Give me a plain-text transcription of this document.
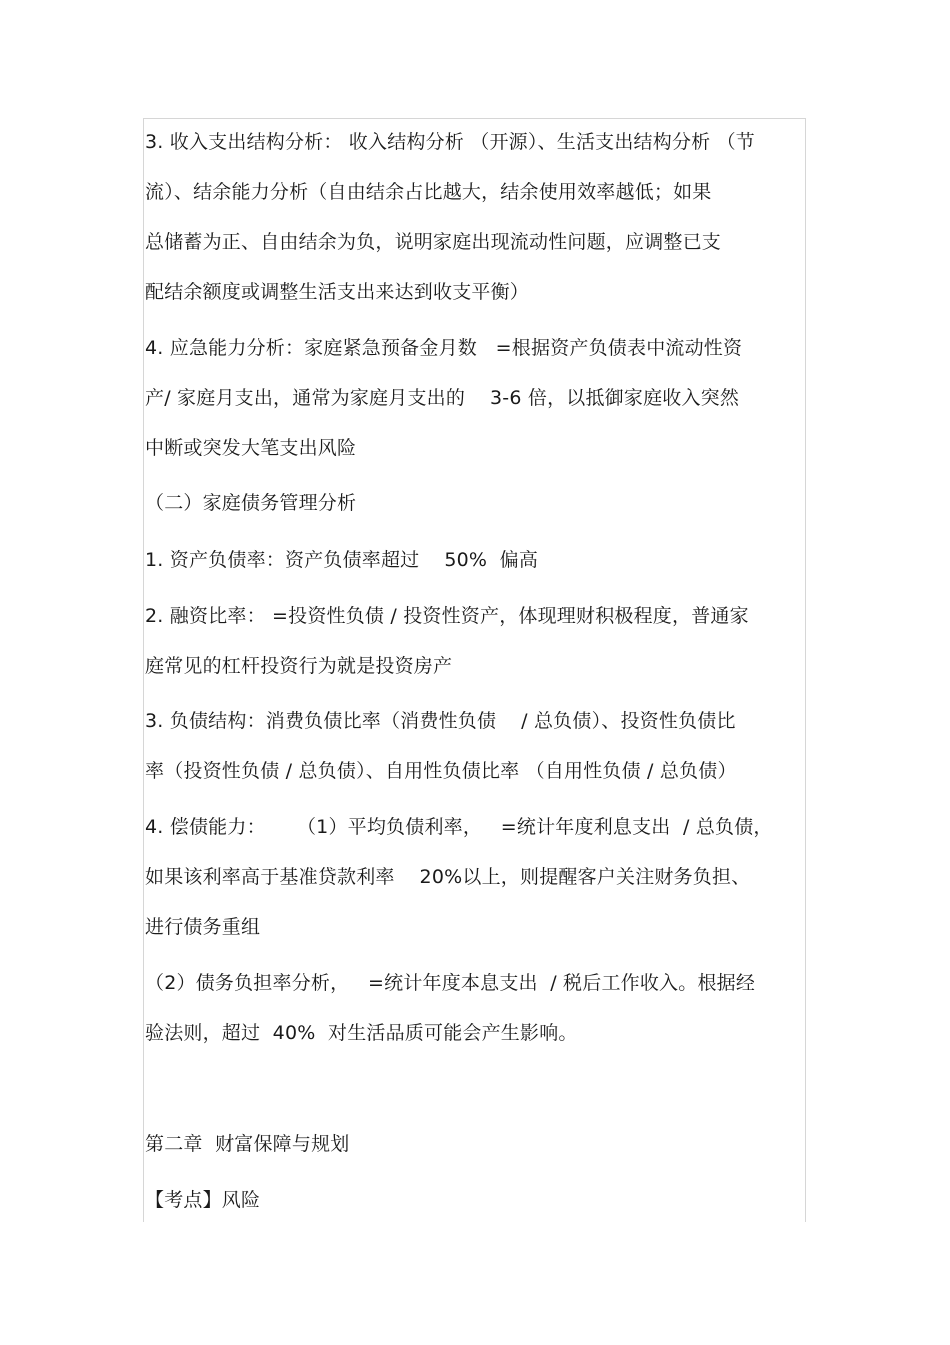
3. 收入支出结构分析： 收入结构分析 （开源）、生活支出结构分析 （节
流）、结余能力分析（自由结余占比越大，结余使用效率越低；如果
总储蓄为正、自由结余为负，说明家庭出现流动性问题，应调整已支
配结余额度或调整生活支出来达到收支平衡）
4. 应急能力分析：家庭紧急预备金月数   =根据资产负债表中流动性资
产/ 家庭月支出，通常为家庭月支出的    3-6 倍，以抵御家庭收入突然
中断或突发大笔支出风险
（二）家庭债务管理分析
1. 资产负债率：资产负债率超过    50%  偏高
2. 融资比率： =投资性负债 / 投资性资产，体现理财积极程度，普通家
庭常见的杠杆投资行为就是投资房产
3. 负债结构：消费负债比率（消费性负债    / 总负债）、投资性负债比
率（投资性负债 / 总负债）、自用性负债比率 （自用性负债 / 总负债）
4. 偿债能力：     （1）平均负债利率，   =统计年度利息支出  / 总负债，
如果该利率高于基准贷款利率    20%以上，则提醒客户关注财务负担、
进行债务重组
（2）债务负担率分析，   =统计年度本息支出  / 税后工作收入。根据经
验法则，超过  40%  对生活品质可能会产生影响。
第二章  财富保障与规划
【考点】风险
